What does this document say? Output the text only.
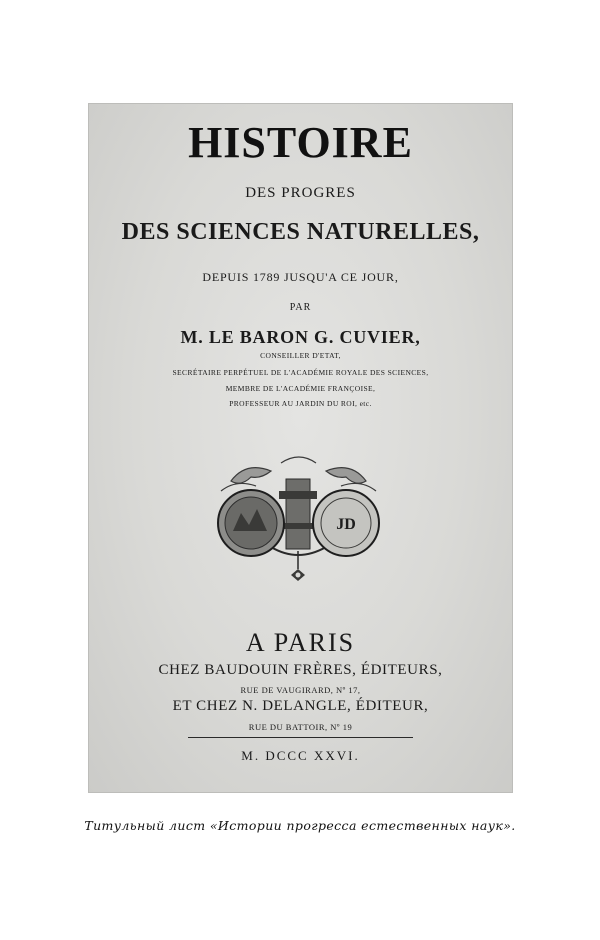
HISTOIRE
DES PROGRES
DES SCIENCES NATURELLES,
DEPUIS 1789 JUSQU'A CE JOUR,
PAR
M. LE BARON G. CUVIER,
CONSEILLER D'ETAT,
SECRÉTAIRE PERPÉTUEL DE L'ACADÉMIE ROYALE DES SCIENCES,
MEMBRE DE L'ACADÉMIE FRANÇOISE,
PROFESSEUR AU JARDIN DU ROI, etc.
JD
A PARIS
CHEZ BAUDOUIN FRÈRES, ÉDITEURS,
RUE DE VAUGIRARD, Nº 17,
ET CHEZ N. DELANGLE, ÉDITEUR,
RUE DU BATTOIR, Nº 19
M. DCCC XXVI.
Титульный лист «Истории прогресса естественных наук».
